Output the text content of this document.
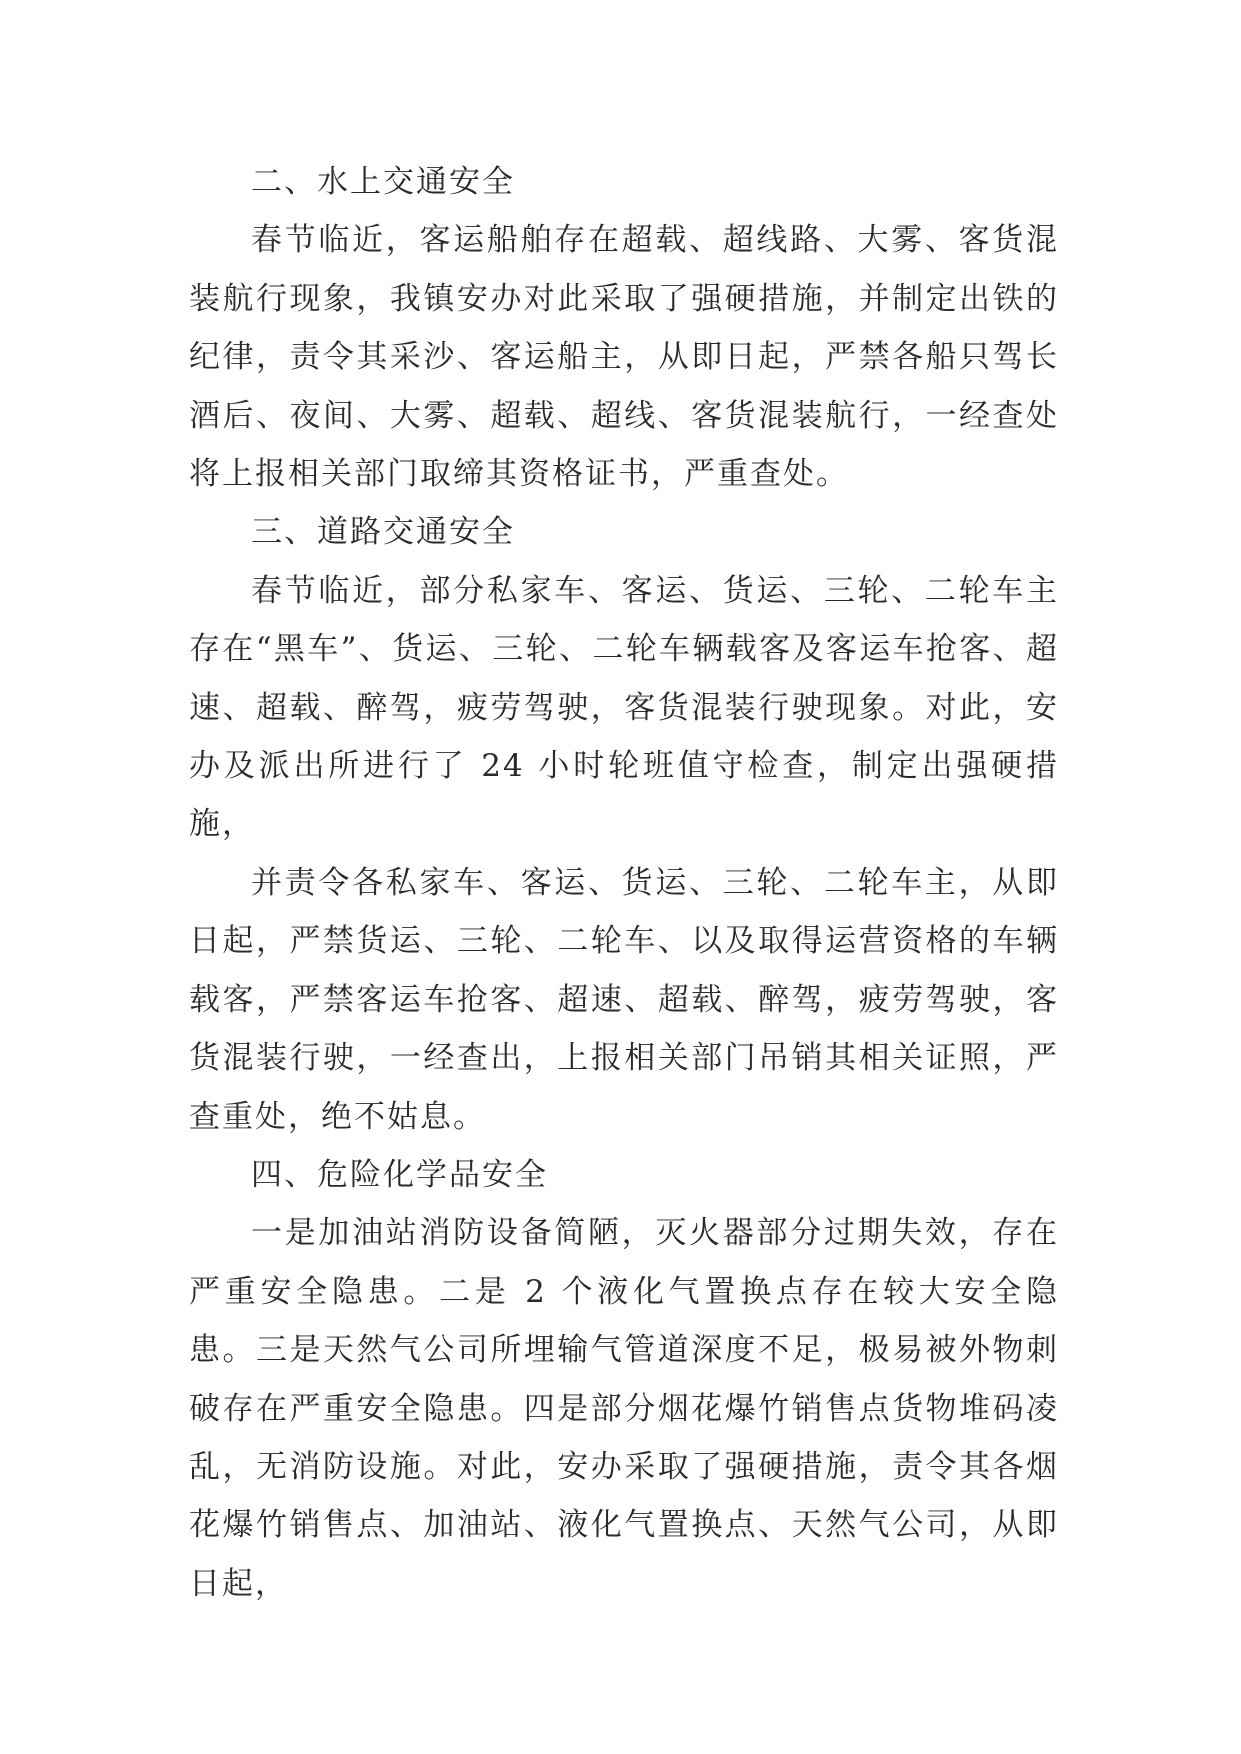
二、水上交通安全

春节临近，客运船舶存在超载、超线路、大雾、客货混装航行现象，我镇安办对此采取了强硬措施，并制定出铁的纪律，责令其采沙、客运船主，从即日起，严禁各船只驾长酒后、夜间、大雾、超载、超线、客货混装航行，一经查处将上报相关部门取缔其资格证书，严重查处。

三、道路交通安全

春节临近，部分私家车、客运、货运、三轮、二轮车主存在“黑车”、货运、三轮、二轮车辆载客及客运车抢客、超速、超载、醉驾，疲劳驾驶，客货混装行驶现象。对此，安办及派出所进行了 24 小时轮班值守检查，制定出强硬措施，

并责令各私家车、客运、货运、三轮、二轮车主，从即日起，严禁货运、三轮、二轮车、以及取得运营资格的车辆载客，严禁客运车抢客、超速、超载、醉驾，疲劳驾驶，客货混装行驶，一经查出，上报相关部门吊销其相关证照，严查重处，绝不姑息。

四、危险化学品安全

一是加油站消防设备简陋，灭火器部分过期失效，存在严重安全隐患。二是 2 个液化气置换点存在较大安全隐患。三是天然气公司所埋输气管道深度不足，极易被外物刺破存在严重安全隐患。四是部分烟花爆竹销售点货物堆码凌乱，无消防设施。对此，安办采取了强硬措施，责令其各烟花爆竹销售点、加油站、液化气置换点、天然气公司，从即日起，
